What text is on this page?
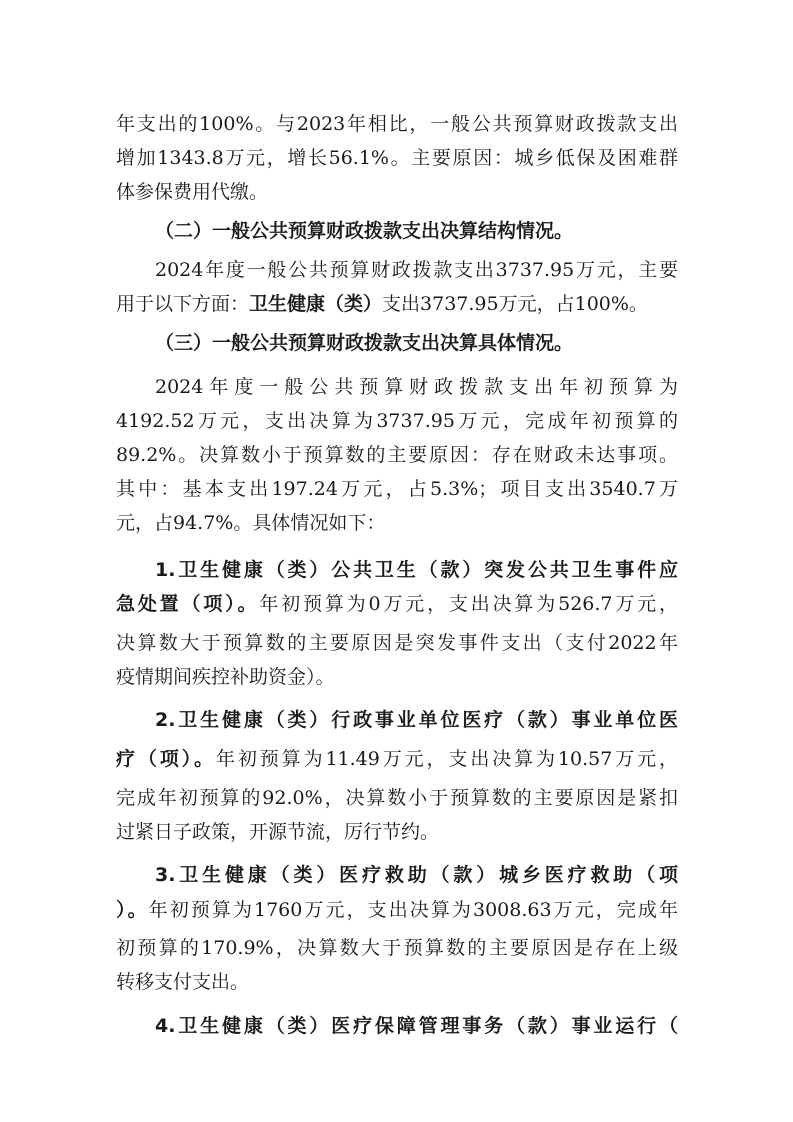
年支出的100%。与2023年相比，一般公共预算财政拨款支出
增加1343.8万元，增长56.1%。主要原因：城乡低保及困难群
体参保费用代缴。
（二）一般公共预算财政拨款支出决算结构情况。
2024年度一般公共预算财政拨款支出3737.95万元，主要
用于以下方面：卫生健康（类）支出3737.95万元，占100%。
（三）一般公共预算财政拨款支出决算具体情况。
2024年度一般公共预算财政拨款支出年初预算为
4192.52万元，支出决算为3737.95万元，完成年初预算的
89.2%。决算数小于预算数的主要原因：存在财政未达事项。
其中：基本支出197.24万元，占5.3%；项目支出3540.7万
元，占94.7%。具体情况如下：
1.卫生健康（类）公共卫生（款）突发公共卫生事件应
急处置（项）。年初预算为0万元，支出决算为526.7万元，
决算数大于预算数的主要原因是突发事件支出（支付2022年
疫情期间疾控补助资金）。
2.卫生健康（类）行政事业单位医疗（款）事业单位医
疗（项）。年初预算为11.49万元，支出决算为10.57万元，
完成年初预算的92.0%，决算数小于预算数的主要原因是紧扣
过紧日子政策，开源节流，厉行节约。
3.卫生健康（类）医疗救助（款）城乡医疗救助（项
）。年初预算为1760万元，支出决算为3008.63万元，完成年
初预算的170.9%，决算数大于预算数的主要原因是存在上级
转移支付支出。
4.卫生健康（类）医疗保障管理事务（款）事业运行（
